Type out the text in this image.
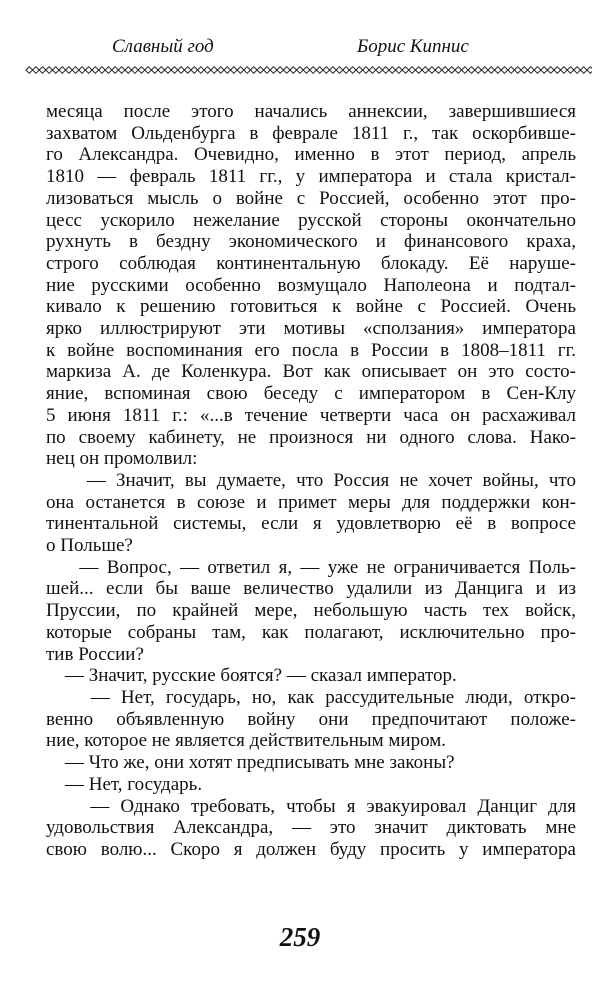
Славный год	Борис Кипнис
месяца после этого начались аннексии, завершившиеся
захватом Ольденбурга в феврале 1811 г., так оскорбивше-
го Александра. Очевидно, именно в этот период, апрель
1810 — февраль 1811 гг., у императора и стала кристал-
лизоваться мысль о войне с Россией, особенно этот про-
цесс ускорило нежелание русской стороны окончательно
рухнуть в бездну экономического и финансового краха,
строго соблюдая континентальную блокаду. Её наруше-
ние русскими особенно возмущало Наполеона и подтал-
кивало к решению готовиться к войне с Россией. Очень
ярко иллюстрируют эти мотивы «сползания» императора
к войне воспоминания его посла в России в 1808–1811 гг.
маркиза А. де Коленкура. Вот как описывает он это состо-
яние, вспоминая свою беседу с императором в Сен-Клу
5 июня 1811 г.: «...в течение четверти часа он расхаживал
по своему кабинету, не произнося ни одного слова. Нако-
нец он промолвил:
— Значит, вы думаете, что Россия не хочет войны, что
она останется в союзе и примет меры для поддержки кон-
тинентальной системы, если я удовлетворю её в вопросе
о Польше?
— Вопрос, — ответил я, — уже не ограничивается Поль-
шей... если бы ваше величество удалили из Данцига и из
Пруссии, по крайней мере, небольшую часть тех войск,
которые собраны там, как полагают, исключительно про-
тив России?
— Значит, русские боятся? — сказал император.
— Нет, государь, но, как рассудительные люди, откро-
венно объявленную войну они предпочитают положе-
ние, которое не является действительным миром.
— Что же, они хотят предписывать мне законы?
— Нет, государь.
— Однако требовать, чтобы я эвакуировал Данциг для
удовольствия Александра, — это значит диктовать мне
свою волю... Скоро я должен буду просить у императора
259
